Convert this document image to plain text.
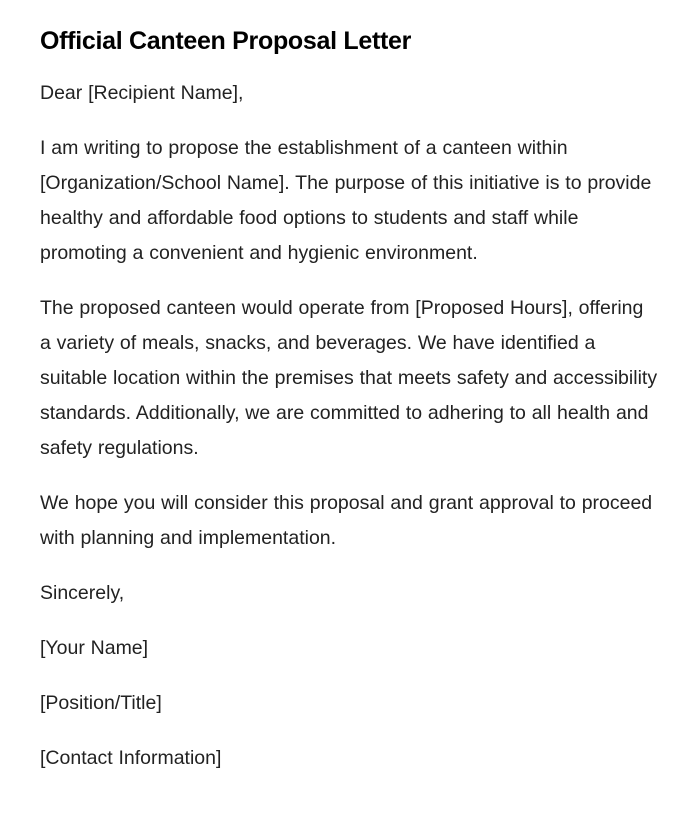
Official Canteen Proposal Letter

Dear [Recipient Name],

I am writing to propose the establishment of a canteen within [Organization/School Name]. The purpose of this initiative is to provide healthy and affordable food options to students and staff while promoting a convenient and hygienic environment.

The proposed canteen would operate from [Proposed Hours], offering a variety of meals, snacks, and beverages. We have identified a suitable location within the premises that meets safety and accessibility standards. Additionally, we are committed to adhering to all health and safety regulations.

We hope you will consider this proposal and grant approval to proceed with planning and implementation.

Sincerely,

[Your Name]

[Position/Title]

[Contact Information]
